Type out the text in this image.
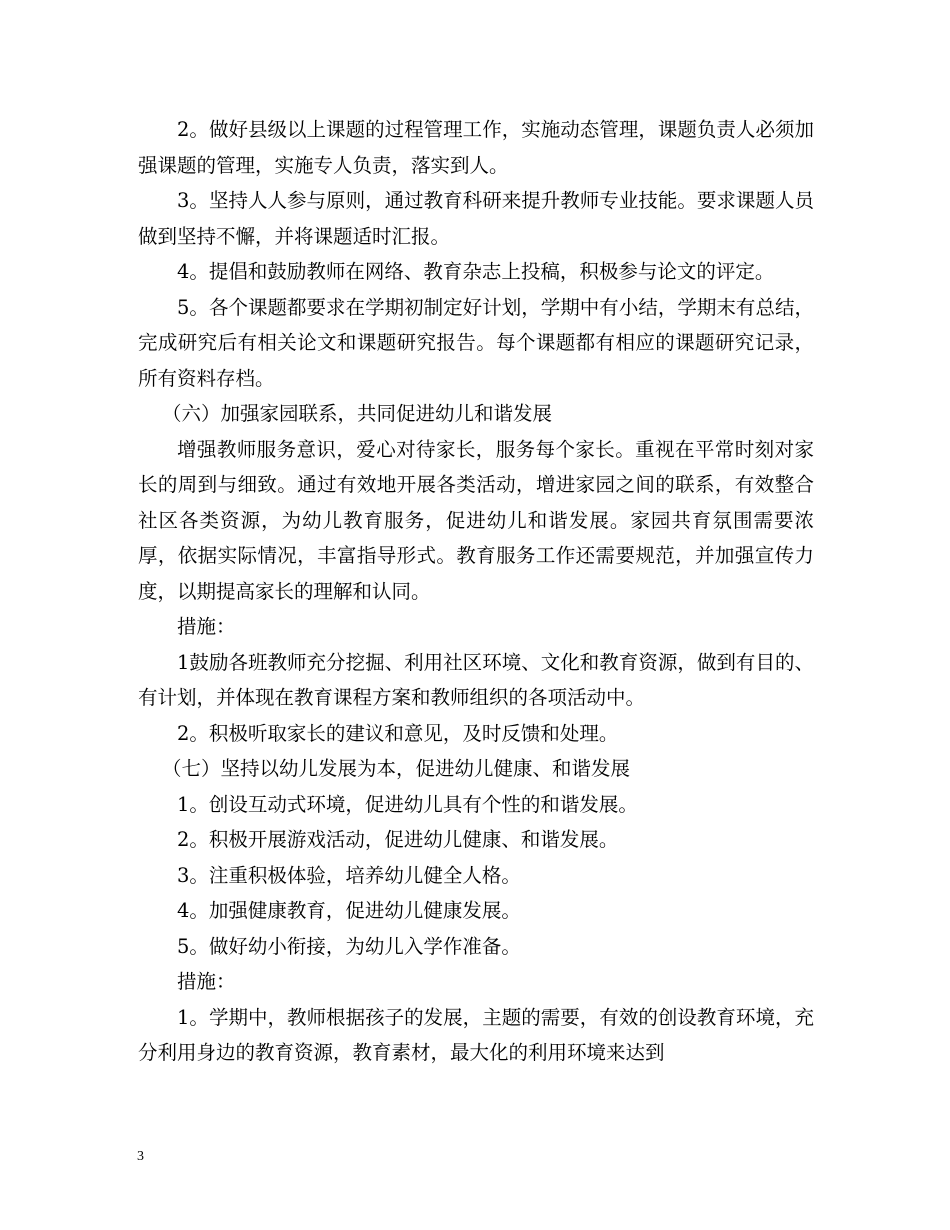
2。做好县级以上课题的过程管理工作，实施动态管理，课题负责人必须加强课题的管理，实施专人负责，落实到人。

3。坚持人人参与原则，通过教育科研来提升教师专业技能。要求课题人员做到坚持不懈，并将课题适时汇报。

4。提倡和鼓励教师在网络、教育杂志上投稿，积极参与论文的评定。

5。各个课题都要求在学期初制定好计划，学期中有小结，学期末有总结，完成研究后有相关论文和课题研究报告。每个课题都有相应的课题研究记录，所有资料存档。

（六）加强家园联系，共同促进幼儿和谐发展

增强教师服务意识，爱心对待家长，服务每个家长。重视在平常时刻对家长的周到与细致。通过有效地开展各类活动，增进家园之间的联系，有效整合社区各类资源，为幼儿教育服务，促进幼儿和谐发展。家园共育氛围需要浓厚，依据实际情况，丰富指导形式。教育服务工作还需要规范，并加强宣传力度，以期提高家长的理解和认同。

措施：

1鼓励各班教师充分挖掘、利用社区环境、文化和教育资源，做到有目的、有计划，并体现在教育课程方案和教师组织的各项活动中。

2。积极听取家长的建议和意见，及时反馈和处理。

（七）坚持以幼儿发展为本，促进幼儿健康、和谐发展

1。创设互动式环境，促进幼儿具有个性的和谐发展。

2。积极开展游戏活动，促进幼儿健康、和谐发展。

3。注重积极体验，培养幼儿健全人格。

4。加强健康教育，促进幼儿健康发展。

5。做好幼小衔接，为幼儿入学作准备。

措施：

1。学期中，教师根据孩子的发展，主题的需要，有效的创设教育环境，充分利用身边的教育资源，教育素材，最大化的利用环境来达到

3
